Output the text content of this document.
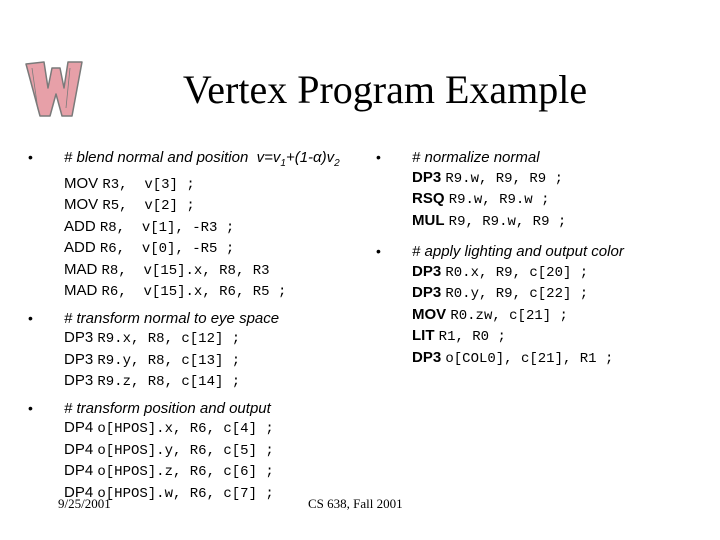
Vertex Program Example
•	# blend normal and position  $v=v_1+(1-\alpha)v_2$
MOV R3,  v[3] ;
MOV R5,  v[2] ;
ADD R8,  v[1], -R3 ;
ADD R6,  v[0], -R5 ;
MAD R8,  v[15].x, R8, R3
MAD R6,  v[15].x, R6, R5 ;
•	# transform normal to eye space
DP3 R9.x, R8, c[12] ;
DP3 R9.y, R8, c[13] ;
DP3 R9.z, R8, c[14] ;
•	# transform position and output
DP4 o[HPOS].x, R6, c[4] ;
DP4 o[HPOS].y, R6, c[5] ;
DP4 o[HPOS].z, R6, c[6] ;
DP4 o[HPOS].w, R6, c[7] ;
•	# normalize normal
DP3 R9.w, R9, R9 ;
RSQ R9.w, R9.w ;
MUL R9, R9.w, R9 ;
•	# apply lighting and output color
DP3 R0.x, R9, c[20] ;
DP3 R0.y, R9, c[22] ;
MOV R0.zw, c[21] ;
LIT R1, R0 ;
DP3 o[COL0], c[21], R1 ;
9/25/2001	CS 638, Fall 2001
